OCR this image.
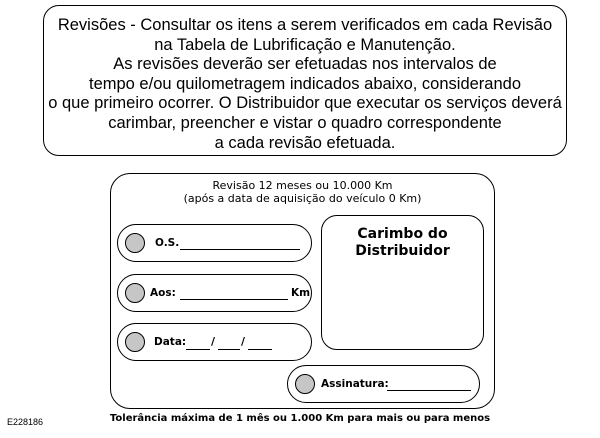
Revisões - Consultar os itens a serem verificados em cada Revisão
na Tabela de Lubrificação e Manutenção.
As revisões deverão ser efetuadas nos intervalos de
tempo e/ou quilometragem indicados abaixo, considerando
o que primeiro ocorrer. O Distribuidor que executar os serviços deverá
carimbar, preencher e vistar o quadro correspondente
a cada revisão efetuada.
Revisão 12 meses ou 10.000 Km
(após a data de aquisição do veículo 0 Km)
O.S.
Aos:	Km
Data: / /
Assinatura:
Carimbo do
Distribuidor
Tolerância máxima de 1 mês ou 1.000 Km para mais ou para menos
E228186
